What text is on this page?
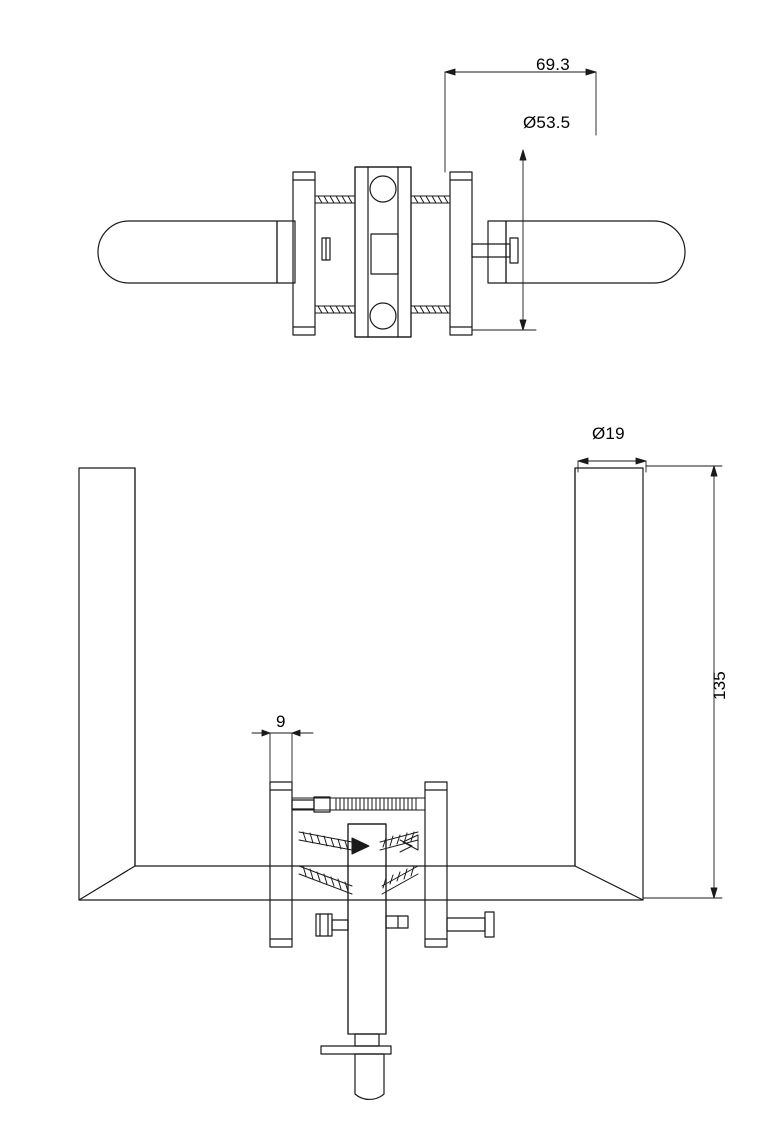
69.3
Ø53.5
Ø19
135
9
